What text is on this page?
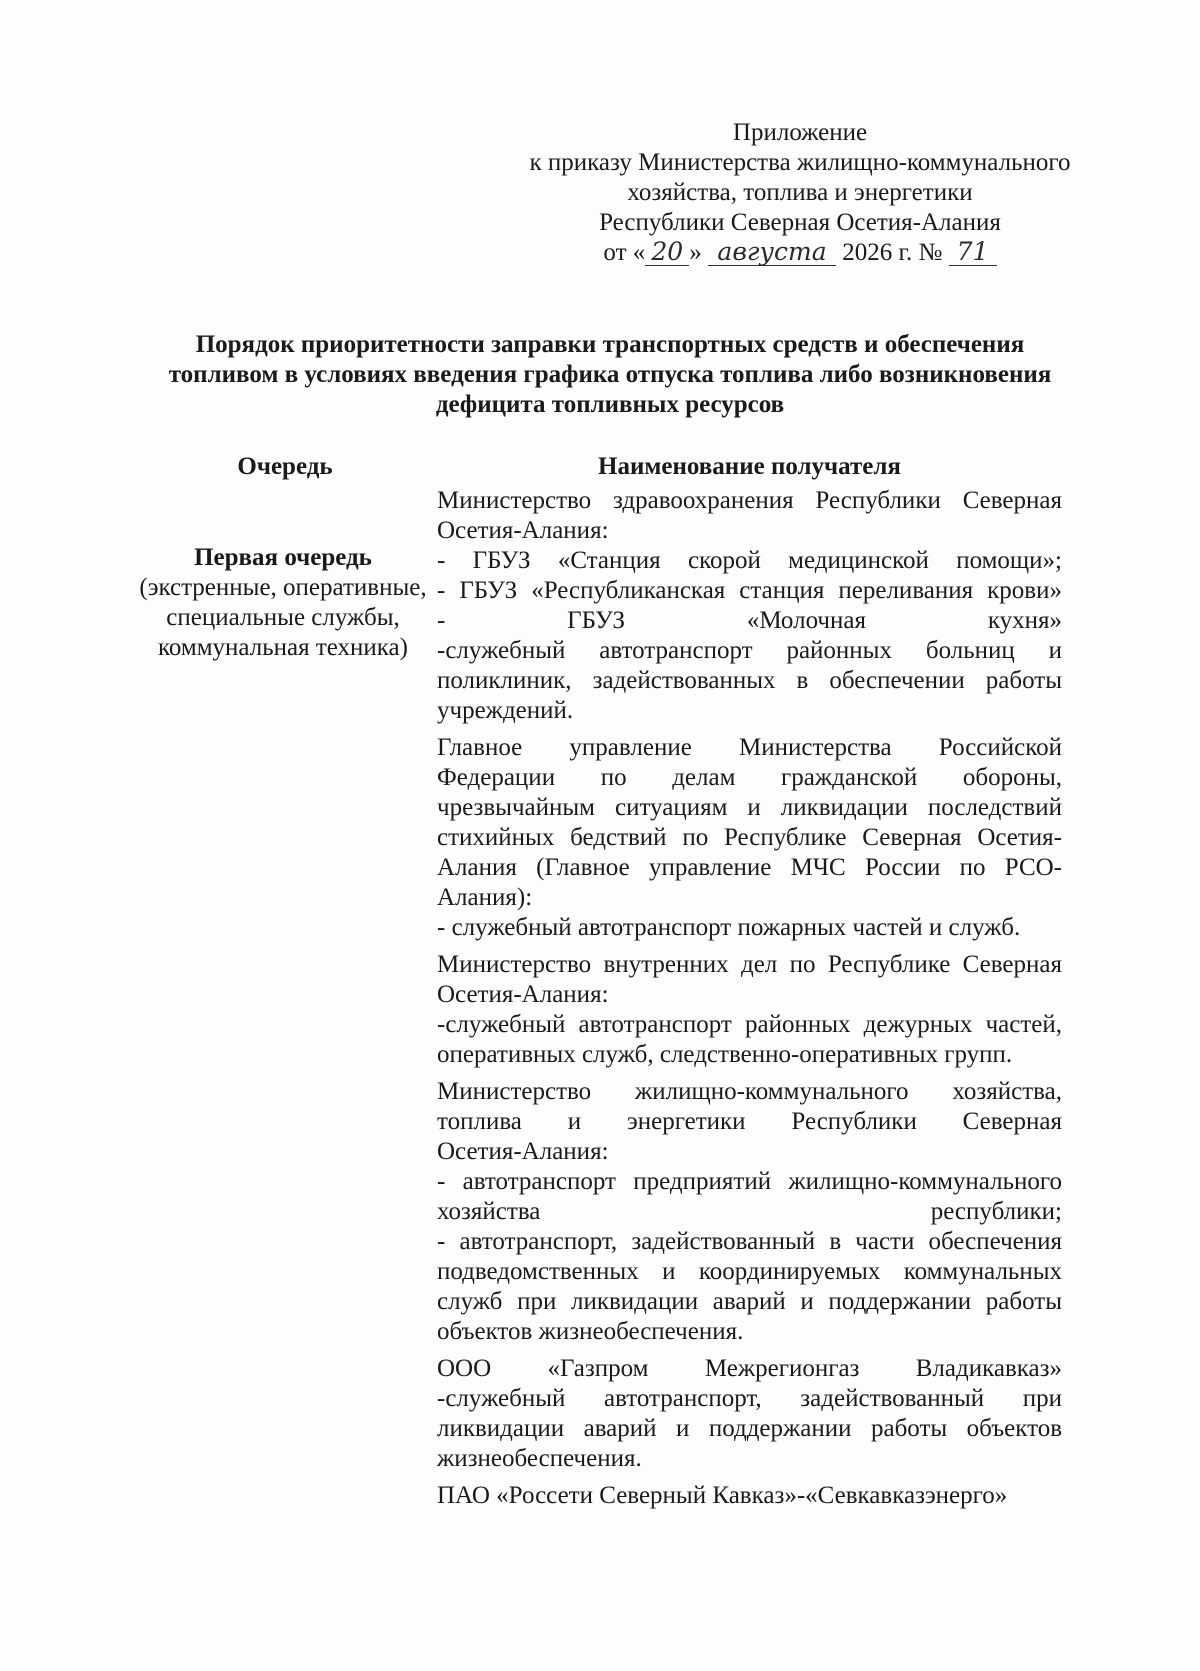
Приложение
к приказу Министерства жилищно-коммунального
хозяйства, топлива и энергетики
Республики Северная Осетия-Алания
от « 20 » августа 2026 г. № 71
Порядок приоритетности заправки транспортных средств и обеспечения
топливом в условиях введения графика отпуска топлива либо возникновения
дефицита топливных ресурсов
Очередь	Наименование получателя
Первая очередь
(экстренные, оперативные,
специальные службы,
коммунальная техника)
Министерство здравоохранения Республики Северная
Осетия-Алания:
- ГБУЗ «Станция скорой медицинской помощи»;
- ГБУЗ «Республиканская станция переливания крови»
- ГБУЗ «Молочная кухня»
-служебный автотранспорт районных больниц и
поликлиник, задействованных в обеспечении работы
учреждений.
Главное управление Министерства Российской
Федерации по делам гражданской обороны,
чрезвычайным ситуациям и ликвидации последствий
стихийных бедствий по Республике Северная Осетия-
Алания (Главное управление МЧС России по РСО-
Алания):
- служебный автотранспорт пожарных частей и служб.
Министерство внутренних дел по Республике Северная
Осетия-Алания:
-служебный автотранспорт районных дежурных частей,
оперативных служб, следственно-оперативных групп.
Министерство жилищно-коммунального хозяйства,
топлива и энергетики Республики Северная
Осетия-Алания:
- автотранспорт предприятий жилищно-коммунального
хозяйства республики;
- автотранспорт, задействованный в части обеспечения
подведомственных и координируемых коммунальных
служб при ликвидации аварий и поддержании работы
объектов жизнеобеспечения.
ООО «Газпром Межрегионгаз Владикавказ»
-служебный автотранспорт, задействованный при
ликвидации аварий и поддержании работы объектов
жизнеобеспечения.
ПАО «Россети Северный Кавказ»-«Севкавказэнерго»
